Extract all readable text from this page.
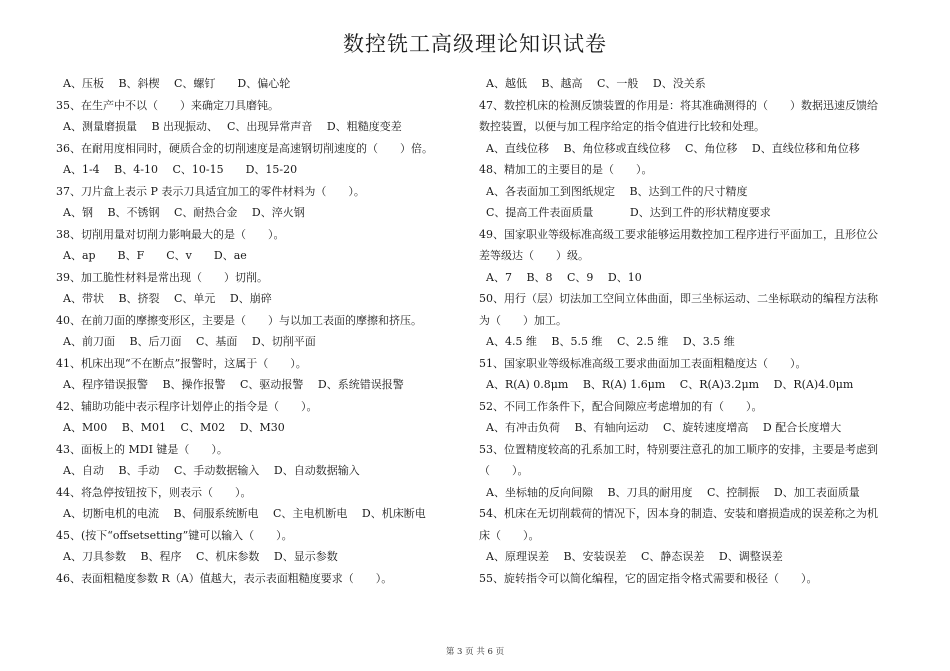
数控铣工高级理论知识试卷
A、压板　 B、斜楔　 C、螺钉　　D、偏心轮
35、在生产中不以（　　）来确定刀具磨钝。
A、测量磨损量　 B 出现振动、　 C、出现异常声音　 D、粗糙度变差
36、在耐用度相同时，硬质合金的切削速度是高速钢切削速度的（　　）倍。
A、1-4　 B、4-10　 C、10-15　　D、15-20
37、刀片盒上表示 P 表示刀具适宜加工的零件材料为（　　）。
A、钢　 B、不锈钢　 C、耐热合金　 D、淬火钢
38、切削用量对切削力影响最大的是（　　）。
A、ap　　B、F　　C、v　　D、ae
39、加工脆性材料是常出现（　　）切削。
A、带状　 B、挤裂　 C、单元　 D、崩碎
40、在前刀面的摩擦变形区，主要是（　　）与以加工表面的摩擦和挤压。
A、前刀面　 B、后刀面　 C、基面　 D、切削平面
41、机床出现“不在断点”报警时，这属于（　　）。
A、程序错误报警　 B、操作报警　 C、驱动报警　 D、系统错误报警
42、辅助功能中表示程序计划停止的指令是（　　）。
A、M00　 B、M01　 C、M02　 D、M30
43、面板上的 MDI 键是（　　）。
A、自动　 B、手动　 C、手动数据输入　 D、自动数据输入
44、将急停按钮按下，则表示（　　）。
A、切断电机的电流　 B、伺服系统断电　 C、主电机断电　 D、机床断电
45、(按下“offsetsetting”键可以输入（　　）。
A、刀具参数　 B、程序　 C、机床参数　 D、显示参数
46、表面粗糙度参数 R（A）值越大，表示表面粗糙度要求（　　）。
A、越低　 B、越高　 C、一般　 D、没关系
47、数控机床的检测反馈装置的作用是：将其准确测得的（　　）数据迅速反馈给
数控装置，以便与加工程序给定的指令值进行比较和处理。
A、直线位移　 B、角位移或直线位移　 C、角位移　 D、直线位移和角位移
48、精加工的主要目的是（　　）。
A、各表面加工到图纸规定　 B、达到工件的尺寸精度
C、提高工件表面质量　　　 D、达到工件的形状精度要求
49、国家职业等级标准高级工要求能够运用数控加工程序进行平面加工，且形位公
差等级达（　　）级。
A、7　 B、8　 C、9　 D、10
50、用行（层）切法加工空间立体曲面，即三坐标运动、二坐标联动的编程方法称
为（　　）加工。
A、4.5 维　 B、5.5 维　 C、2.5 维　 D、3.5 维
51、国家职业等级标准高级工要求曲面加工表面粗糙度达（　　）。
A、R(A) 0.8μm　 B、R(A) 1.6μm　 C、R(A)3.2μm　 D、R(A)4.0μm
52、不同工作条件下，配合间隙应考虑增加的有（　　）。
A、有冲击负荷　 B、有轴向运动　 C、旋转速度增高　 D 配合长度增大
53、位置精度较高的孔系加工时，特别要注意孔的加工顺序的安排，主要是考虑到
（　　）。
A、坐标轴的反向间隙　 B、刀具的耐用度　 C、控制振　 D、加工表面质量
54、机床在无切削载荷的情况下，因本身的制造、安装和磨损造成的误差称之为机
床（　　）。
A、原理误差　 B、安装误差　 C、静态误差　 D、调整误差
55、旋转指令可以简化编程，它的固定指令格式需要和极径（　　）。
第 3 页 共 6 页
